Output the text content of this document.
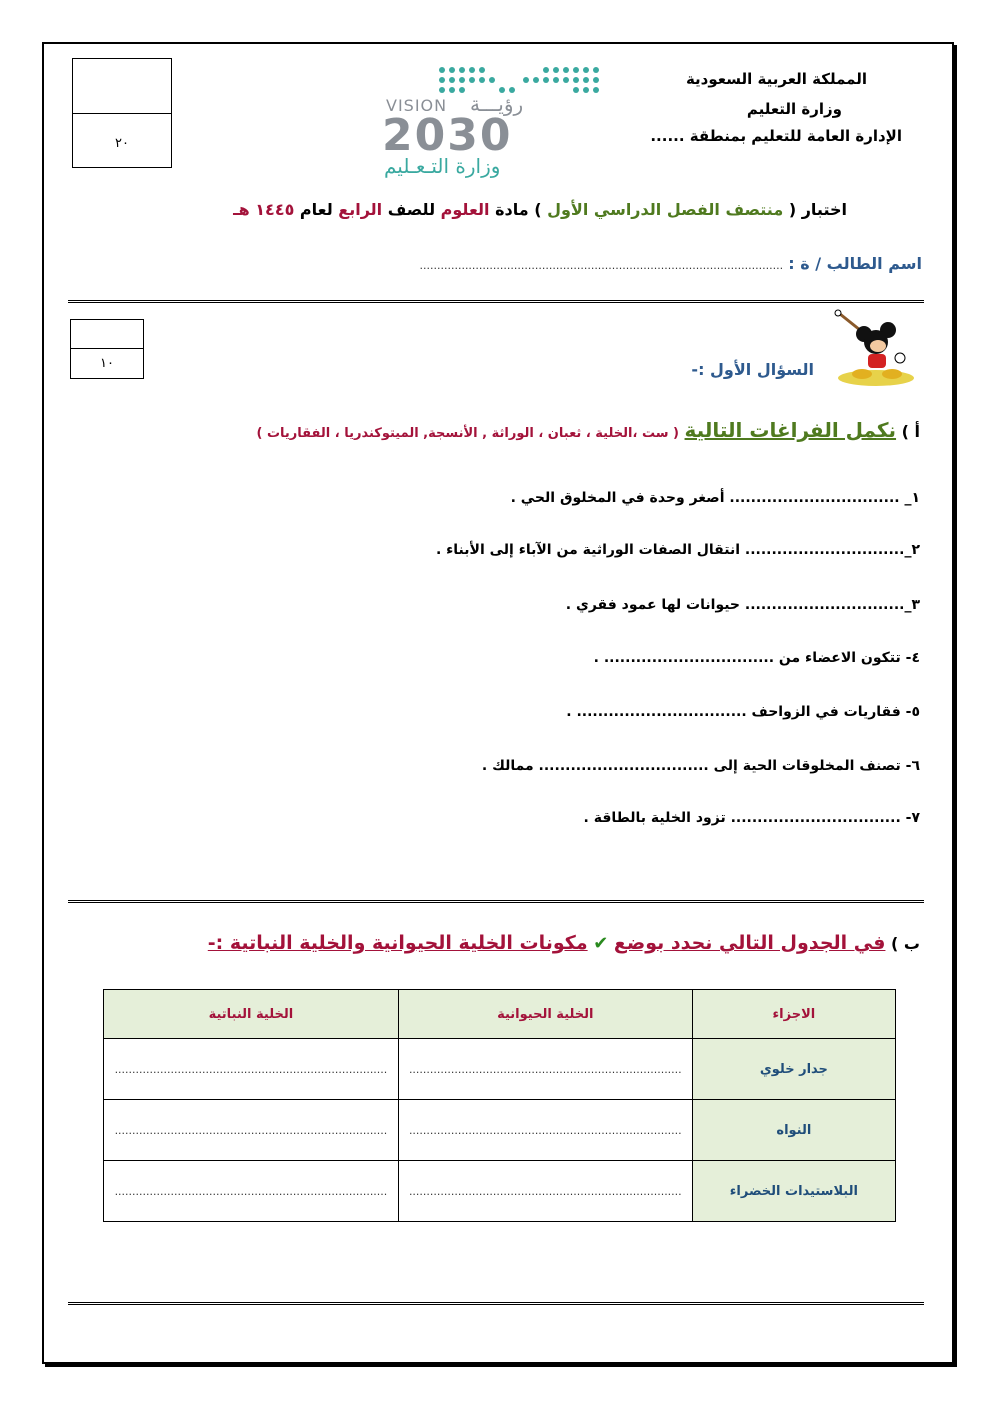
٢٠
VISION رؤيـــة
2030
وزارة التـعـليم
المملكة العربية السعودية
وزارة التعليم
الإدارة العامة للتعليم بمنطقة ......
اختبار ( منتصف الفصل الدراسي الأول ) مادة العلوم للصف الرابع لعام ١٤٤٥ هـ
اسم الطالب / ة : ........................................................................................................
١٠	السؤال الأول :-
أ ) نكمل الفراغات التالية ( ست ،الخلية ، ثعبان ، الوراثة , الأنسجة, الميتوكندريا ، الفقاريات )
١_ ................................ أصغر وحدة في المخلوق الحي .
٢_.............................. انتقال الصفات الوراثية من الآباء إلى الأبناء .
٣_.............................. حيوانات لها عمود فقري .
٤- تتكون الاعضاء من ................................ .
٥- فقاريات في الزواحف ................................ .
٦- تصنف المخلوقات الحية إلى ................................ ممالك .
٧- ................................ تزود الخلية بالطاقة .
ب ) في الجدول التالي نحدد بوضع ✔ مكونات الخلية الحيوانية والخلية النباتية :-
الاجزاء	الخلية الحيوانية	الخلية النباتية
جدار خلوي	..............................................................................	..............................................................................
النواه	..............................................................................	..............................................................................
البلاستيدات الخضراء	..............................................................................	..............................................................................
